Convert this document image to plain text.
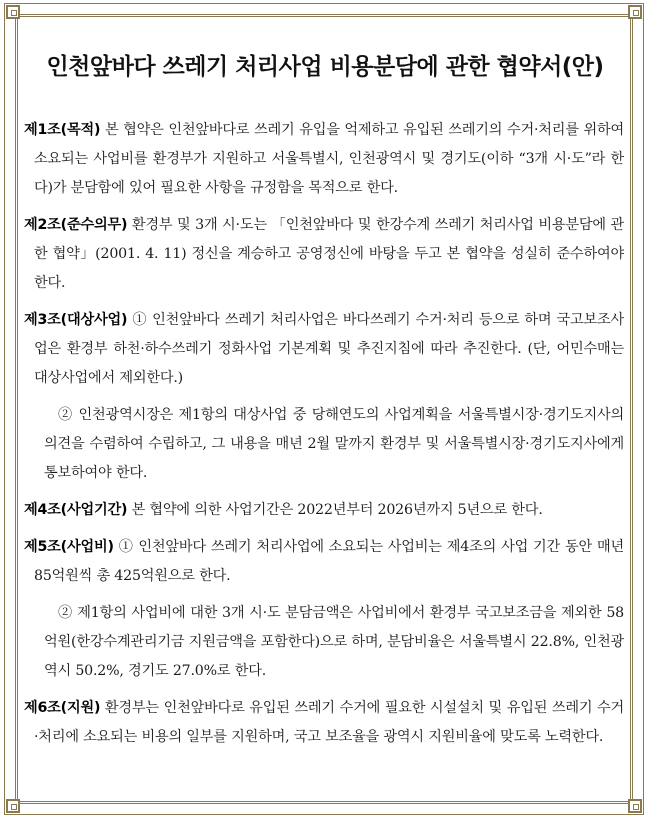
인천앞바다 쓰레기 처리사업 비용분담에 관한 협약서(안)
제1조(목적) 본 협약은 인천앞바다로 쓰레기 유입을 억제하고 유입된 쓰레기의 수거·처리를 위하여 소요되는 사업비를 환경부가 지원하고 서울특별시, 인천광역시 및 경기도(이하 “3개 시·도”라 한다)가 분담함에 있어 필요한 사항을 규정함을 목적으로 한다.
제2조(준수의무) 환경부 및 3개 시·도는 「인천앞바다 및 한강수계 쓰레기 처리사업 비용분담에 관한 협약」(2001. 4. 11) 정신을 계승하고 공영정신에 바탕을 두고 본 협약을 성실히 준수하여야 한다.
제3조(대상사업) ① 인천앞바다 쓰레기 처리사업은 바다쓰레기 수거·처리 등으로 하며 국고보조사업은 환경부 하천·하수쓰레기 정화사업 기본계획 및 추진지침에 따라 추진한다. (단, 어민수매는 대상사업에서 제외한다.)
② 인천광역시장은 제1항의 대상사업 중 당해연도의 사업계획을 서울특별시장·경기도지사의 의견을 수렴하여 수립하고, 그 내용을 매년 2월 말까지 환경부 및 서울특별시장·경기도지사에게 통보하여야 한다.
제4조(사업기간) 본 협약에 의한 사업기간은 2022년부터 2026년까지 5년으로 한다.
제5조(사업비) ① 인천앞바다 쓰레기 처리사업에 소요되는 사업비는 제4조의 사업 기간 동안 매년 85억원씩 총 425억원으로 한다.
② 제1항의 사업비에 대한 3개 시·도 분담금액은 사업비에서 환경부 국고보조금을 제외한 58억원(한강수계관리기금 지원금액을 포함한다)으로 하며, 분담비율은 서울특별시 22.8%, 인천광역시 50.2%, 경기도 27.0%로 한다.
제6조(지원) 환경부는 인천앞바다로 유입된 쓰레기 수거에 필요한 시설설치 및 유입된 쓰레기 수거·처리에 소요되는 비용의 일부를 지원하며, 국고 보조율을 광역시 지원비율에 맞도록 노력한다.
